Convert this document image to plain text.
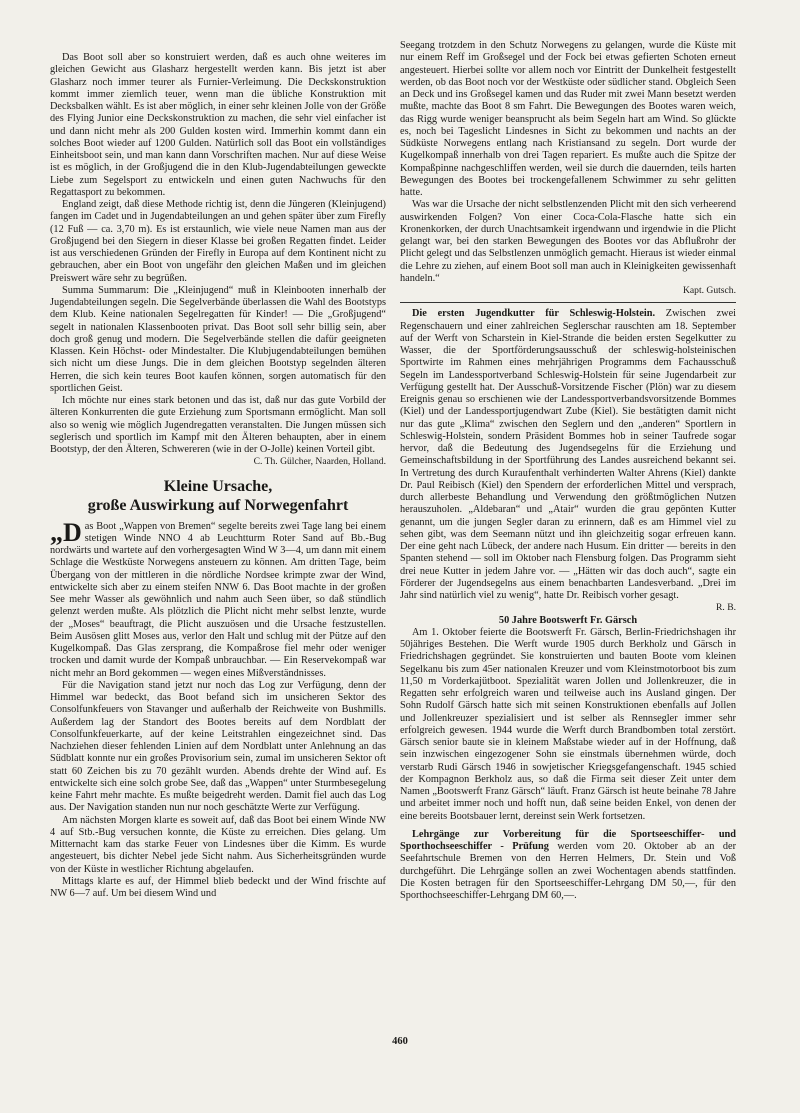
Das Boot soll aber so konstruiert werden, daß es auch ohne weiteres im gleichen Gewicht aus Glasharz hergestellt werden kann. Bis jetzt ist aber Glasharz noch immer teurer als Furnier-Verleimung. Die Deckskonstruktion kommt immer ziemlich teuer, wenn man die übliche Konstruktion mit Decksbalken wählt. Es ist aber möglich, in einer sehr kleinen Jolle von der Größe des Flying Junior eine Deckskonstruktion zu machen, die sehr viel einfacher ist und dann nicht mehr als 200 Gulden kosten wird. Immerhin kommt dann ein solches Boot wieder auf 1200 Gulden. Natürlich soll das Boot ein vollständiges Einheitsboot sein, und man kann dann Vorschriften machen. Nur auf diese Weise ist es möglich, in der Großjugend die in den Klub-Jugendabteilungen geweckte Liebe zum Segelsport zu entwickeln und einen guten Nachwuchs für den Regattasport zu bekommen.

England zeigt, daß diese Methode richtig ist, denn die Jüngeren (Kleinjugend) fangen im Cadet und in Jugendabteilungen an und gehen später über zum Firefly (12 Fuß — ca. 3,70 m). Es ist erstaunlich, wie viele neue Namen man aus der Großjugend bei den Siegern in dieser Klasse bei großen Regatten findet. Leider ist aus verschiedenen Gründen der Firefly in Europa auf dem Kontinent nicht zu gebrauchen, aber ein Boot von ungefähr den gleichen Maßen und im gleichen Preiswert wäre sehr zu begrüßen.

Summa Summarum: Die „Kleinjugend“ muß in Kleinbooten innerhalb der Jugendabteilungen segeln. Die Segelverbände überlassen die Wahl des Bootstyps dem Klub. Keine nationalen Segelregatten für Kinder! — Die „Großjugend“ segelt in nationalen Klassenbooten privat. Das Boot soll sehr billig sein, aber doch groß genug und modern. Die Segelverbände stellen die dafür geeigneten Klassen. Kein Höchst- oder Mindestalter. Die Klubjugendabteilungen bemühen sich nicht um diese Jungs. Die in dem gleichen Bootstyp segelnden älteren Herren, die sich kein teures Boot kaufen können, sorgen automatisch für den sportlichen Geist.

Ich möchte nur eines stark betonen und das ist, daß nur das gute Vorbild der älteren Konkurrenten die gute Erziehung zum Sportsmann ermöglicht. Man soll also so wenig wie möglich Jugendregatten veranstalten. Die Jungen müssen sich seglerisch und sportlich im Kampf mit den Älteren behaupten, aber in einem Bootstyp, der den Älteren, Schwereren (wie in der O-Jolle) keinen Vorteil gibt.

C. Th. Gülcher, Naarden, Holland.
Kleine Ursache,
große Auswirkung auf Norwegenfahrt

„D as Boot „Wappen von Bremen“ segelte bereits zwei Tage lang bei einem stetigen Winde NNO 4 ab Leuchtturm Roter Sand auf Bb.-Bug nordwärts und wartete auf den vorhergesagten Wind W 3—4, um dann mit einem Schlage die Westküste Norwegens ansteuern zu können. Am dritten Tage, beim Übergang von der mittleren in die nördliche Nordsee krimpte zwar der Wind, entwickelte sich aber zu einem steifen NNW 6. Das Boot machte in der großen See mehr Wasser als gewöhnlich und nahm auch Seen über, so daß stündlich gelenzt werden mußte. Als plötzlich die Plicht nicht mehr selbst lenzte, wurde der „Moses“ beauftragt, die Plicht auszuösen und die Ursache festzustellen. Beim Ausösen glitt Moses aus, verlor den Halt und schlug mit der Pütze auf den Kugelkompaß. Das Glas zersprang, die Kompaßrose fiel mehr oder weniger trocken und damit wurde der Kompaß unbrauchbar. — Ein Reservekompaß war nicht mehr an Bord gekommen — wegen eines Mißverständnisses.

Für die Navigation stand jetzt nur noch das Log zur Verfügung, denn der Himmel war bedeckt, das Boot befand sich im unsicheren Sektor des Consolfunkfeuers von Stavanger und außerhalb der Reichweite von Bushmills. Außerdem lag der Standort des Bootes bereits auf dem Nordblatt der Consolfunkfeuerkarte, auf der keine Leitstrahlen eingezeichnet sind. Das Nachziehen dieser fehlenden Linien auf dem Nordblatt unter Anlehnung an das Südblatt konnte nur ein großes Provisorium sein, zumal im unsicheren Sektor oft statt 60 Zeichen bis zu 70 gezählt wurden. Abends drehte der Wind auf. Es entwickelte sich eine solch grobe See, daß das „Wappen“ unter Sturmbesegelung keine Fahrt mehr machte. Es mußte beigedreht werden. Damit fiel auch das Log aus. Der Navigation standen nun nur noch geschätzte Werte zur Verfügung.

Am nächsten Morgen klarte es soweit auf, daß das Boot bei einem Winde NW 4 auf Stb.-Bug versuchen konnte, die Küste zu erreichen. Dies gelang. Um Mitternacht kam das starke Feuer von Lindesnes über die Kimm. Es wurde angesteuert, bis dichter Nebel jede Sicht nahm. Aus Sicherheitsgründen wurde von der Küste in westlicher Richtung abgelaufen.

Mittags klarte es auf, der Himmel blieb bedeckt und der Wind frischte auf NW 6—7 auf. Um bei diesem Wind und

Seegang trotzdem in den Schutz Norwegens zu gelangen, wurde die Küste mit nur einem Reff im Großsegel und der Fock bei etwas gefierten Schoten erneut angesteuert. Hierbei sollte vor allem noch vor Eintritt der Dunkelheit festgestellt werden, ob das Boot noch vor der Westküste oder südlicher stand. Obgleich Seen an Deck und ins Großsegel kamen und das Ruder mit zwei Mann besetzt werden mußte, machte das Boot 8 sm Fahrt. Die Bewegungen des Bootes waren weich, das Rigg wurde weniger beansprucht als beim Segeln hart am Wind. So glückte es, noch bei Tageslicht Lindesnes in Sicht zu bekommen und nachts an der Südküste Norwegens entlang nach Kristiansand zu segeln. Dort wurde der Kugelkompaß innerhalb von drei Tagen repariert. Es mußte auch die Spitze der Kompaßpinne nachgeschliffen werden, weil sie durch die dauernden, teils harten Bewegungen des Bootes bei trockengefallenem Schwimmer zu sehr gelitten hatte.

Was war die Ursache der nicht selbstlenzenden Plicht mit den sich verheerend auswirkenden Folgen? Von einer Coca-Cola-Flasche hatte sich ein Kronenkorken, der durch Unachtsamkeit irgendwann und irgendwie in die Plicht gelangt war, bei den starken Bewegungen des Bootes vor das Abflußrohr der Plicht gelegt und das Selbstlenzen unmöglich gemacht. Hieraus ist wieder einmal die Lehre zu ziehen, auf einem Boot soll man auch in Kleinigkeiten gewissenhaft handeln.“

Kapt. Gutsch.

Die ersten Jugendkutter für Schleswig-Holstein. Zwischen zwei Regenschauern und einer zahlreichen Seglerschar rauschten am 18. September auf der Werft von Scharstein in Kiel-Strande die beiden ersten Segelkutter zu Wasser, die der Sportförderungsausschuß der schleswig-holsteinischen Sportwirte im Rahmen eines mehrjährigen Programms dem Fachausschuß Segeln im Landessportverband Schleswig-Holstein für seine Jugendarbeit zur Verfügung gestellt hat. Der Ausschuß-Vorsitzende Fischer (Plön) war zu diesem Ereignis genau so erschienen wie der Landessportverbandsvorsitzende Bommes (Kiel) und der Landessportjugendwart Zube (Kiel). Sie bestätigten damit nicht nur das gute „Klima“ zwischen den Seglern und den „anderen“ Sportlern in Schleswig-Holstein, sondern Präsident Bommes hob in seiner Taufrede sogar hervor, daß die Bedeutung des Jugendsegelns für die Erziehung und Gemeinschaftsbildung in der Sportführung des Landes ausreichend bekannt sei. In Vertretung des durch Kuraufenthalt verhinderten Walter Ahrens (Kiel) dankte Dr. Paul Reibisch (Kiel) den Spendern der erforderlichen Mittel und versprach, durch allerbeste Behandlung und Verwendung den größtmöglichen Nutzen herauszuholen. „Aldebaran“ und „Atair“ wurden die grau gepönten Kutter genannt, um die jungen Segler daran zu erinnern, daß es am Himmel viel zu sehen gibt, was dem Seemann nützt und ihn gleichzeitig sogar erfreuen kann. Der eine geht nach Lübeck, der andere nach Husum. Ein dritter — bereits in den Spanten stehend — soll im Oktober nach Flensburg folgen. Das Programm sieht drei neue Kutter in jedem Jahre vor. — „Hätten wir das doch auch“, sagte ein Förderer der Jugendsegelns aus einem benachbarten Landesverband. „Drei im Jahr sind natürlich viel zu wenig“, hatte Dr. Reibisch vorher gesagt.

R. B.

50 Jahre Bootswerft Fr. Gärsch

Am 1. Oktober feierte die Bootswerft Fr. Gärsch, Berlin-Friedrichshagen ihr 50jähriges Bestehen. Die Werft wurde 1905 durch Berkholz und Gärsch in Friedrichshagen gegründet. Sie konstruierten und bauten Boote vom kleinen Segelkanu bis zum 45er nationalen Kreuzer und vom Kleinstmotorboot bis zum 11,50 m Vorderkajütboot. Spezialität waren Jollen und Jollenkreuzer, die in Regatten sehr erfolgreich waren und teilweise auch ins Ausland gingen. Der Sohn Rudolf Gärsch hatte sich mit seinen Konstruktionen ebenfalls auf Jollen und Jollenkreuzer spezialisiert und ist selber als Rennsegler immer sehr erfolgreich gewesen. 1944 wurde die Werft durch Brandbomben total zerstört. Gärsch senior baute sie in kleinem Maßstabe wieder auf in der Hoffnung, daß sein inzwischen eingezogener Sohn sie einstmals übernehmen würde, doch verstarb Rudi Gärsch 1946 in sowjetischer Kriegsgefangenschaft. 1945 schied der Kompagnon Berkholz aus, so daß die Firma seit dieser Zeit unter dem Namen „Bootswerft Franz Gärsch“ läuft. Franz Gärsch ist heute beinahe 78 Jahre und arbeitet immer noch und hofft nun, daß seine beiden Enkel, von denen der eine bereits Bootsbauer lernt, dereinst sein Werk fortsetzen.

Lehrgänge zur Vorbereitung für die Sportseeschiffer- und Sporthochseeschiffer - Prüfung werden vom 20. Oktober ab an der Seefahrtschule Bremen von den Herren Helmers, Dr. Stein und Voß durchgeführt. Die Lehrgänge sollen an zwei Wochentagen abends stattfinden. Die Kosten betragen für den Sportseeschiffer-Lehrgang DM 50,—, für den Sporthochseeschiffer-Lehrgang DM 60,—.

460
